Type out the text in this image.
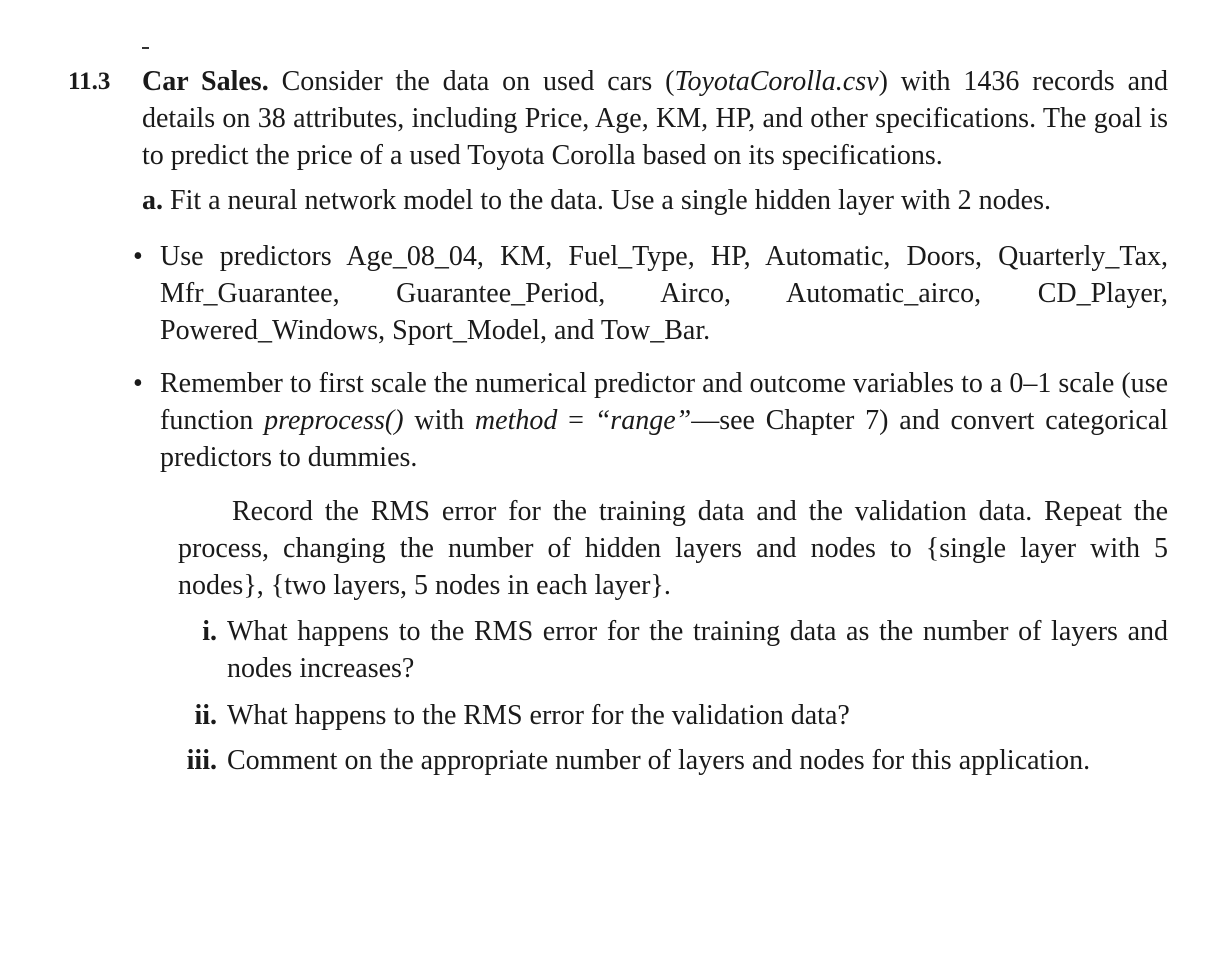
11.3 Car Sales. Consider the data on used cars (ToyotaCorolla.csv) with 1436 records and details on 38 attributes, including Price, Age, KM, HP, and other specifications. The goal is to predict the price of a used Toyota Corolla based on its specifications.

a. Fit a neural network model to the data. Use a single hidden layer with 2 nodes.

• Use predictors Age_08_04, KM, Fuel_Type, HP, Automatic, Doors, Quarterly_Tax, Mfr_Guarantee, Guarantee_Period, Airco, Automatic_airco, CD_Player, Powered_Windows, Sport_Model, and Tow_Bar.
• Remember to first scale the numerical predictor and outcome variables to a 0–1 scale (use function preprocess() with method = “range”—see Chapter 7) and convert categorical predictors to dummies.
Record the RMS error for the training data and the validation data. Repeat the process, changing the number of hidden layers and nodes to {single layer with 5 nodes}, {two layers, 5 nodes in each layer}.
i. What happens to the RMS error for the training data as the number of layers and nodes increases?
ii. What happens to the RMS error for the validation data?
iii. Comment on the appropriate number of layers and nodes for this application.
